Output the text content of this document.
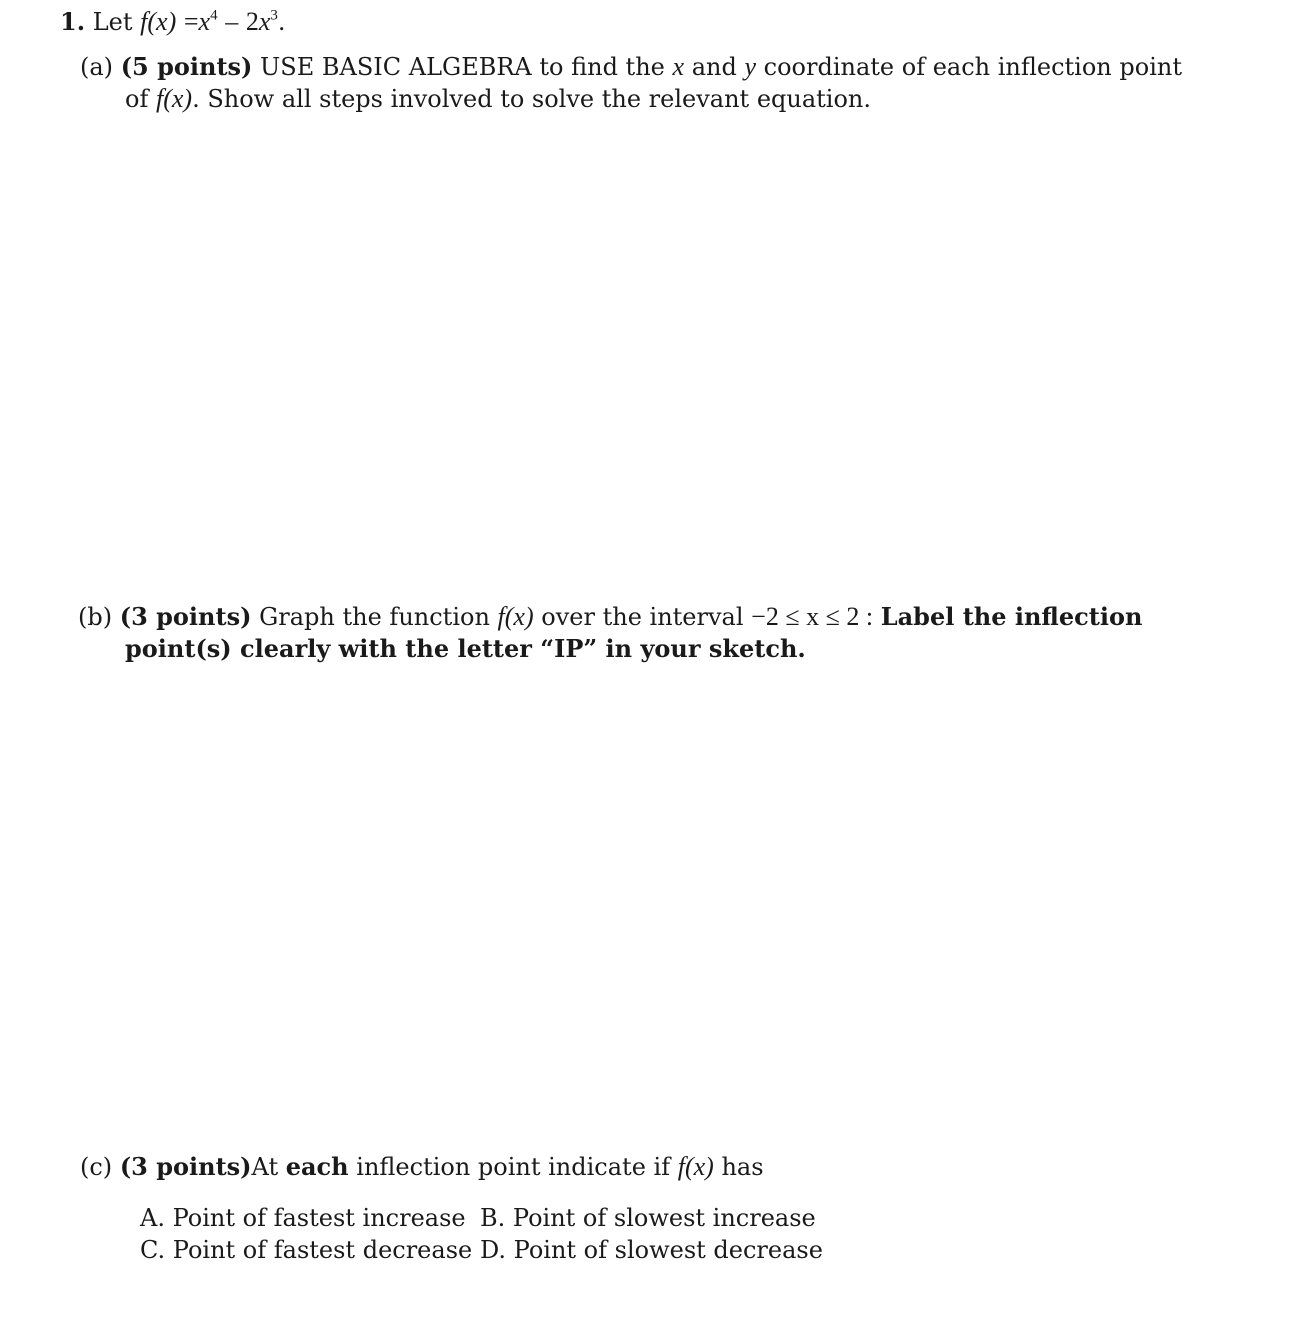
1. Let $f(x) =x^4 - 2x^3$.
(a) (5 points) USE BASIC ALGEBRA to find the x and y coordinate of each inflection point
of f(x). Show all steps involved to solve the relevant equation.
(b) (3 points) Graph the function f(x) over the interval −2 ≤ x ≤ 2 : Label the inflection
point(s) clearly with the letter “IP” in your sketch.
(c) (3 points)At each inflection point indicate if f(x) has
A. Point of fastest increase B. Point of slowest increase
C. Point of fastest decrease D. Point of slowest decrease
